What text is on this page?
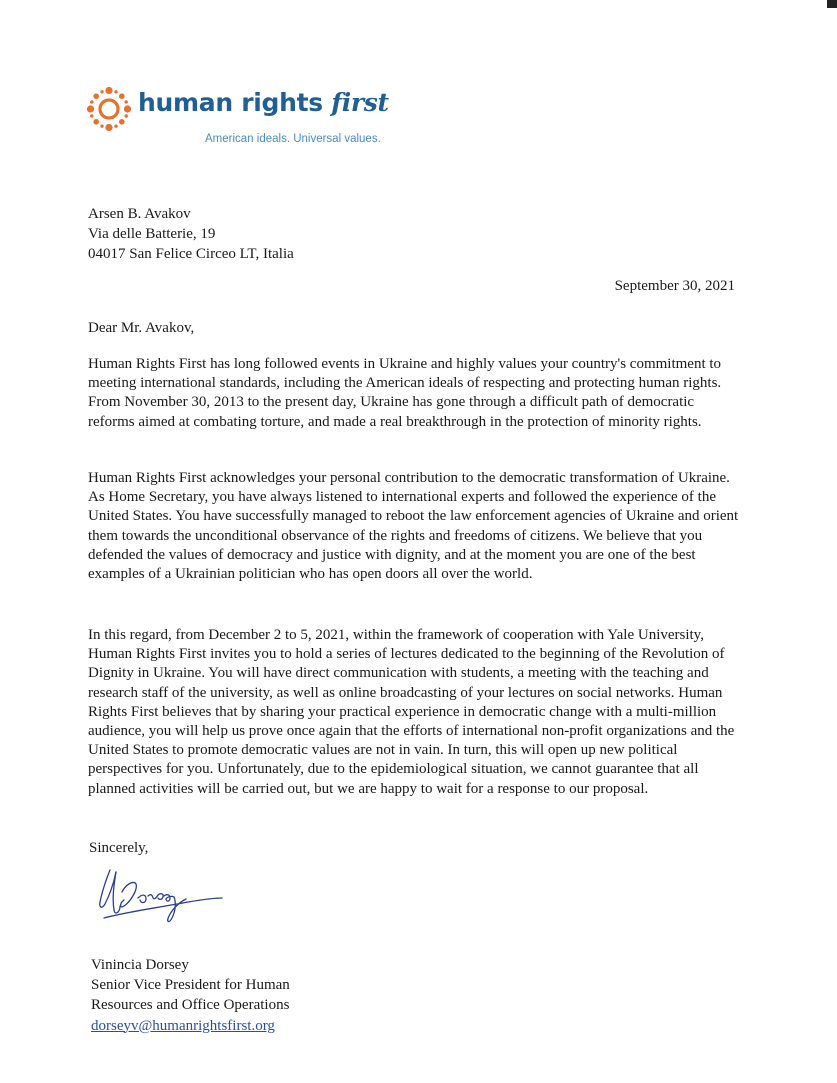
human rights first
American ideals. Universal values.
Arsen B. Avakov
Via delle Batterie, 19
04017 San Felice Circeo LT, Italia
September 30, 2021
Dear Mr. Avakov,

Human Rights First has long followed events in Ukraine and highly values your country's commitment to meeting international standards, including the American ideals of respecting and protecting human rights. From November 30, 2013 to the present day, Ukraine has gone through a difficult path of democratic reforms aimed at combating torture, and made a real breakthrough in the protection of minority rights.

Human Rights First acknowledges your personal contribution to the democratic transformation of Ukraine. As Home Secretary, you have always listened to international experts and followed the experience of the United States. You have successfully managed to reboot the law enforcement agencies of Ukraine and orient them towards the unconditional observance of the rights and freedoms of citizens. We believe that you defended the values of democracy and justice with dignity, and at the moment you are one of the best examples of a Ukrainian politician who has open doors all over the world.

In this regard, from December 2 to 5, 2021, within the framework of cooperation with Yale University, Human Rights First invites you to hold a series of lectures dedicated to the beginning of the Revolution of Dignity in Ukraine. You will have direct communication with students, a meeting with the teaching and research staff of the university, as well as online broadcasting of your lectures on social networks. Human Rights First believes that by sharing your practical experience in democratic change with a multi-million audience, you will help us prove once again that the efforts of international non-profit organizations and the United States to promote democratic values are not in vain. In turn, this will open up new political perspectives for you. Unfortunately, due to the epidemiological situation, we cannot guarantee that all planned activities will be carried out, but we are happy to wait for a response to our proposal.

Sincerely,
Vinincia Dorsey
Senior Vice President for Human
Resources and Office Operations
dorseyv@humanrightsfirst.org
